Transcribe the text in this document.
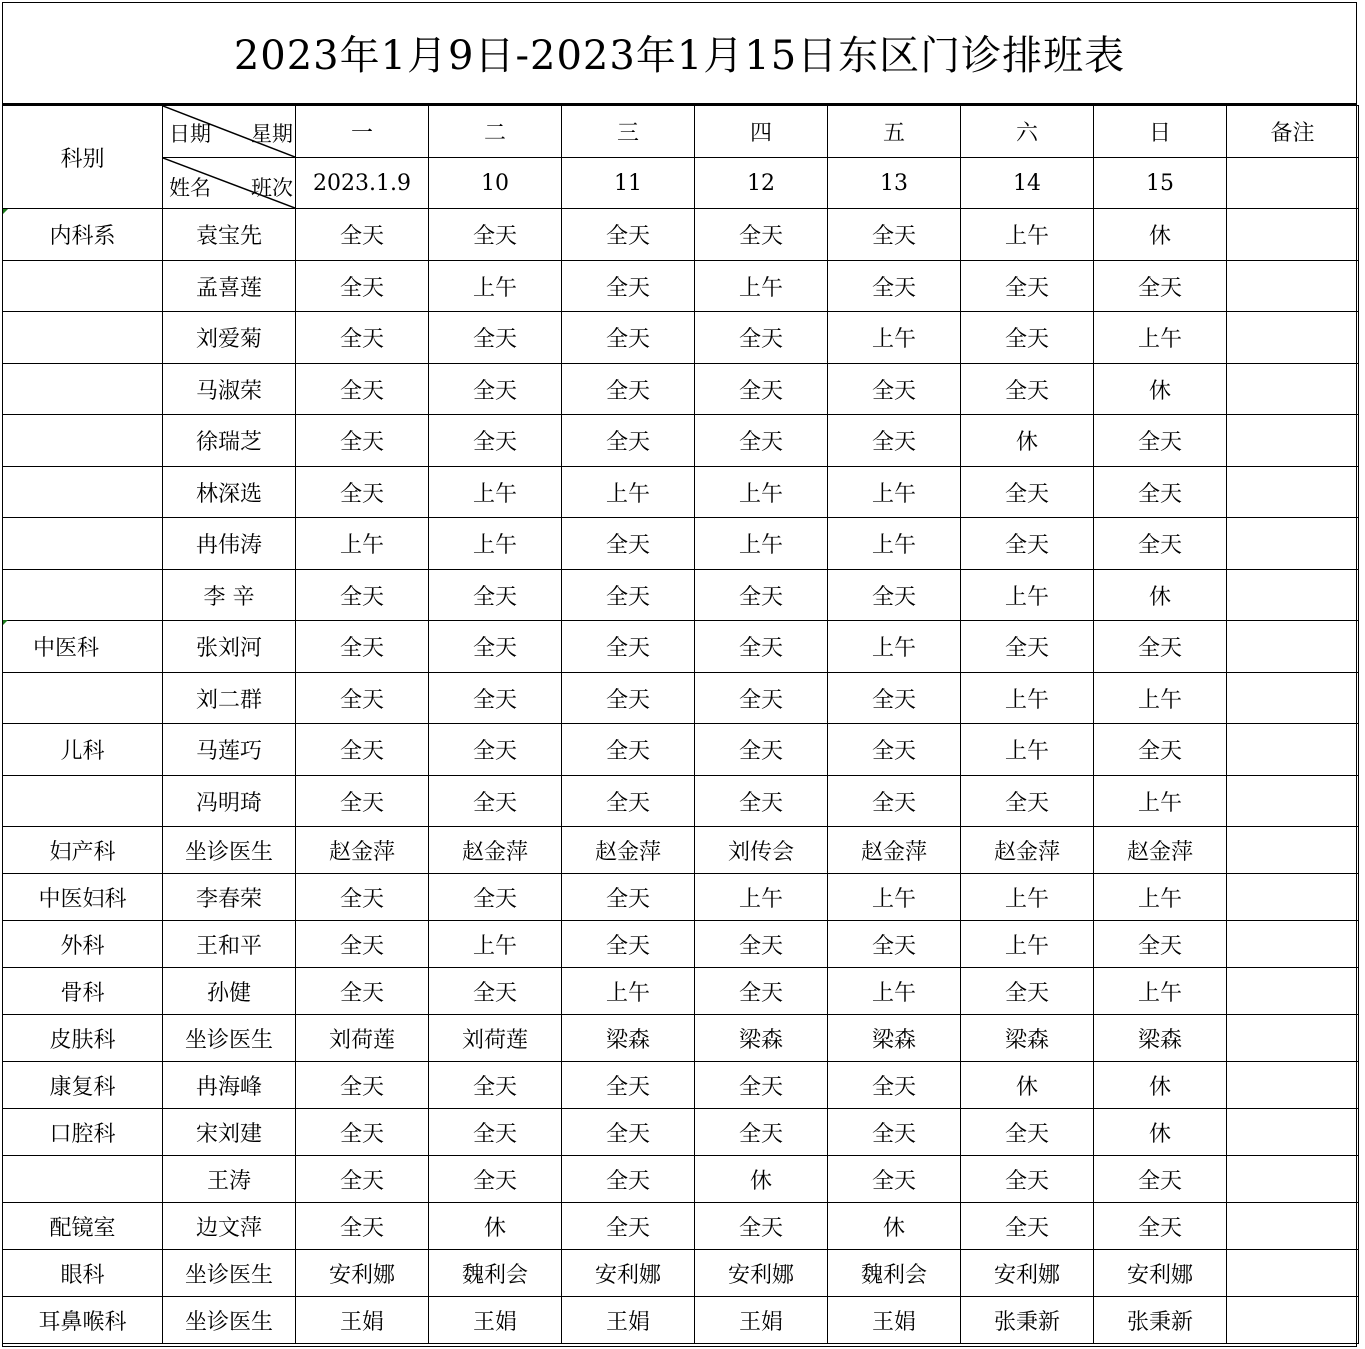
2023年1月9日-2023年1月15日东区门诊排班表
科别	日期 星期	一	二	三	四	五	六	日	备注

	姓名 班次	2023.1.9	10	11	12	13	14	15	
内科系	袁宝先	全天	全天	全天	全天	全天	上午	休	
	孟喜莲	全天	上午	全天	上午	全天	全天	全天	
	刘爱菊	全天	全天	全天	全天	上午	全天	上午	
	马淑荣	全天	全天	全天	全天	全天	全天	休	
	徐瑞芝	全天	全天	全天	全天	全天	休	全天	
	林深选	全天	上午	上午	上午	上午	全天	全天	
	冉伟涛	上午	上午	全天	上午	上午	全天	全天	
	李 辛	全天	全天	全天	全天	全天	上午	休	
中医科	张刘河	全天	全天	全天	全天	上午	全天	全天	
	刘二群	全天	全天	全天	全天	全天	上午	上午	
儿科	马莲巧	全天	全天	全天	全天	全天	上午	全天	
	冯明琦	全天	全天	全天	全天	全天	全天	上午	
妇产科	坐诊医生	赵金萍	赵金萍	赵金萍	刘传会	赵金萍	赵金萍	赵金萍	
中医妇科	李春荣	全天	全天	全天	上午	上午	上午	上午	
外科	王和平	全天	上午	全天	全天	全天	上午	全天	
骨科	孙健	全天	全天	上午	全天	上午	全天	上午	
皮肤科	坐诊医生	刘荷莲	刘荷莲	梁森	梁森	梁森	梁森	梁森	
康复科	冉海峰	全天	全天	全天	全天	全天	休	休	
口腔科	宋刘建	全天	全天	全天	全天	全天	全天	休	
	王涛	全天	全天	全天	休	全天	全天	全天	
配镜室	边文萍	全天	休	全天	全天	休	全天	全天	
眼科	坐诊医生	安利娜	魏利会	安利娜	安利娜	魏利会	安利娜	安利娜	
耳鼻喉科	坐诊医生	王娟	王娟	王娟	王娟	王娟	张秉新	张秉新	
